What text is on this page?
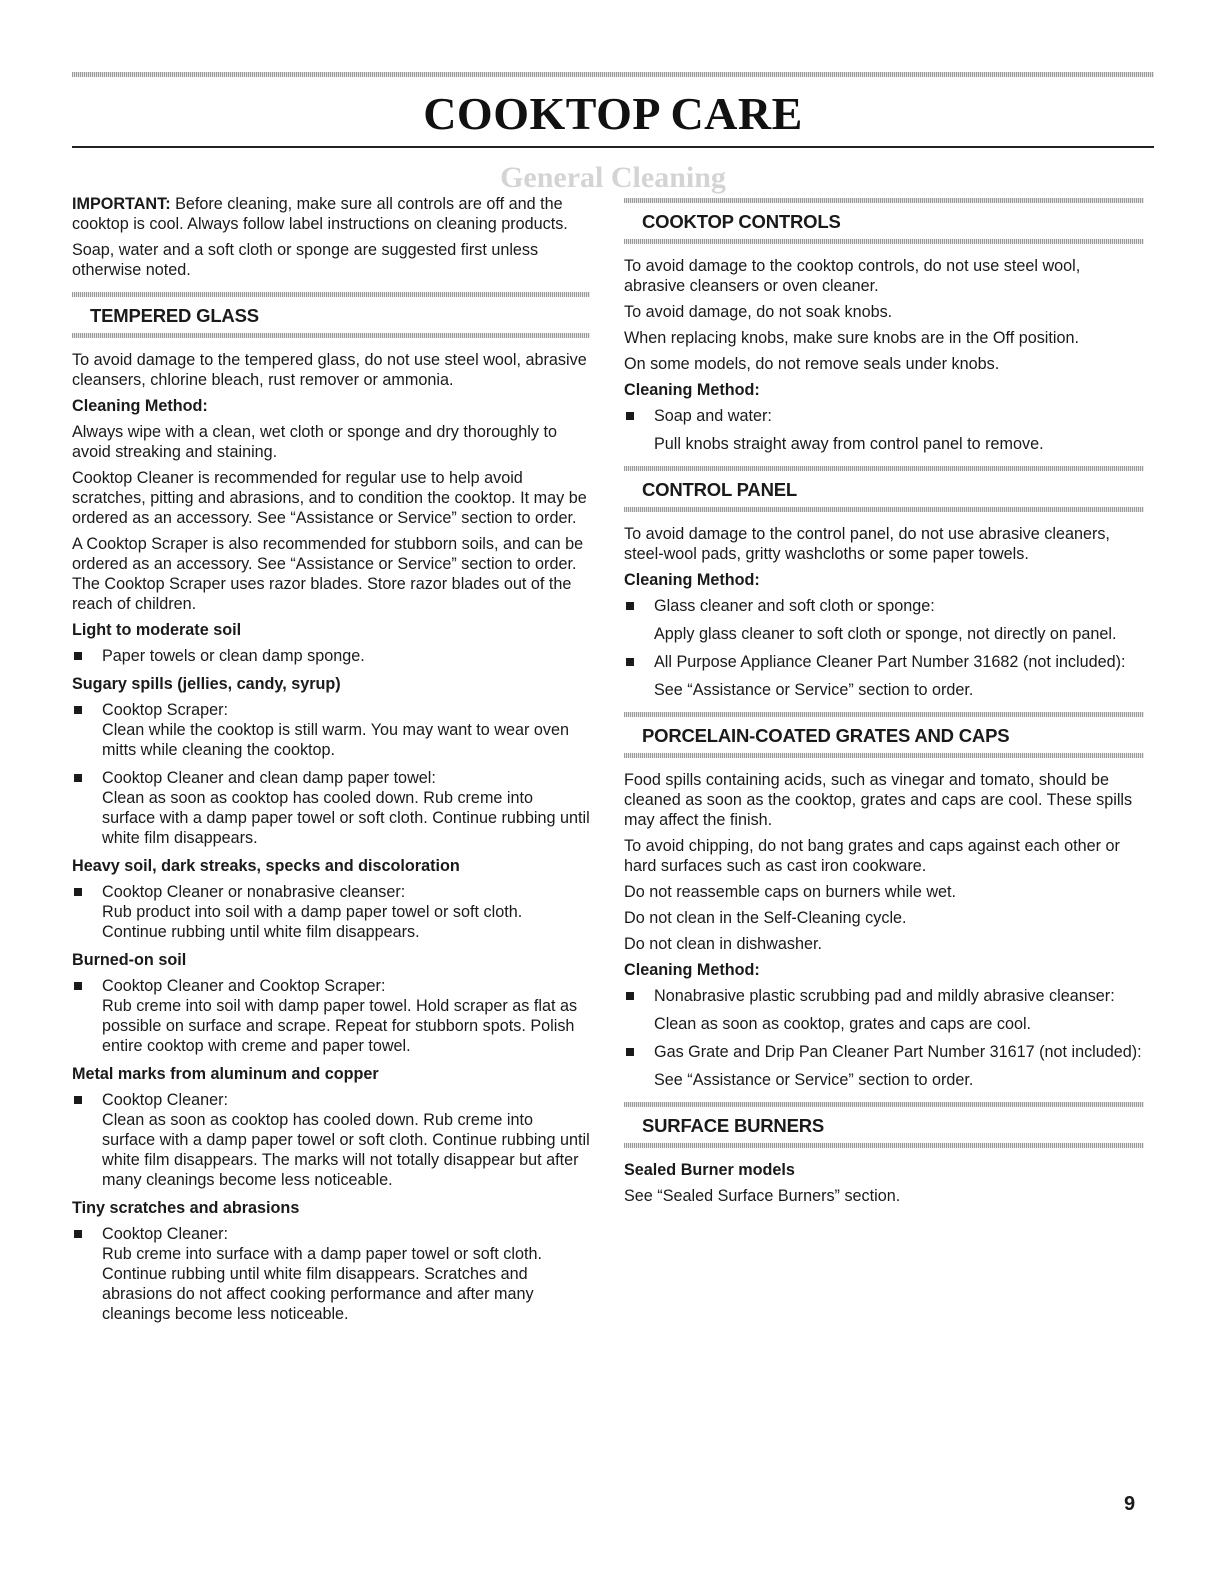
COOKTOP CARE
General Cleaning

IMPORTANT: Before cleaning, make sure all controls are off and the cooktop is cool. Always follow label instructions on cleaning products.

Soap, water and a soft cloth or sponge are suggested first unless otherwise noted.

TEMPERED GLASS

To avoid damage to the tempered glass, do not use steel wool, abrasive cleansers, chlorine bleach, rust remover or ammonia.

Cleaning Method:

Always wipe with a clean, wet cloth or sponge and dry thoroughly to avoid streaking and staining.

Cooktop Cleaner is recommended for regular use to help avoid scratches, pitting and abrasions, and to condition the cooktop. It may be ordered as an accessory. See “Assistance or Service” section to order.

A Cooktop Scraper is also recommended for stubborn soils, and can be ordered as an accessory. See “Assistance or Service” section to order. The Cooktop Scraper uses razor blades. Store razor blades out of the reach of children.

Light to moderate soil
Paper towels or clean damp sponge.
Sugary spills (jellies, candy, syrup)
Cooktop Scraper:
Clean while the cooktop is still warm. You may want to wear oven mitts while cleaning the cooktop.
Cooktop Cleaner and clean damp paper towel:
Clean as soon as cooktop has cooled down. Rub creme into surface with a damp paper towel or soft cloth. Continue rubbing until white film disappears.
Heavy soil, dark streaks, specks and discoloration
Cooktop Cleaner or nonabrasive cleanser:
Rub product into soil with a damp paper towel or soft cloth. Continue rubbing until white film disappears.
Burned-on soil
Cooktop Cleaner and Cooktop Scraper:
Rub creme into soil with damp paper towel. Hold scraper as flat as possible on surface and scrape. Repeat for stubborn spots. Polish entire cooktop with creme and paper towel.
Metal marks from aluminum and copper
Cooktop Cleaner:
Clean as soon as cooktop has cooled down. Rub creme into surface with a damp paper towel or soft cloth. Continue rubbing until white film disappears. The marks will not totally disappear but after many cleanings become less noticeable.
Tiny scratches and abrasions
Cooktop Cleaner:
Rub creme into surface with a damp paper towel or soft cloth. Continue rubbing until white film disappears. Scratches and abrasions do not affect cooking performance and after many cleanings become less noticeable.
COOKTOP CONTROLS

To avoid damage to the cooktop controls, do not use steel wool, abrasive cleansers or oven cleaner.

To avoid damage, do not soak knobs.

When replacing knobs, make sure knobs are in the Off position.

On some models, do not remove seals under knobs.

Cleaning Method:
Soap and water:
Pull knobs straight away from control panel to remove.
CONTROL PANEL

To avoid damage to the control panel, do not use abrasive cleaners, steel-wool pads, gritty washcloths or some paper towels.

Cleaning Method:
Glass cleaner and soft cloth or sponge:
Apply glass cleaner to soft cloth or sponge, not directly on panel.
All Purpose Appliance Cleaner Part Number 31682 (not included):
See “Assistance or Service” section to order.
PORCELAIN-COATED GRATES AND CAPS

Food spills containing acids, such as vinegar and tomato, should be cleaned as soon as the cooktop, grates and caps are cool. These spills may affect the finish.

To avoid chipping, do not bang grates and caps against each other or hard surfaces such as cast iron cookware.

Do not reassemble caps on burners while wet.

Do not clean in the Self-Cleaning cycle.

Do not clean in dishwasher.

Cleaning Method:
Nonabrasive plastic scrubbing pad and mildly abrasive cleanser:
Clean as soon as cooktop, grates and caps are cool.
Gas Grate and Drip Pan Cleaner Part Number 31617 (not included):
See “Assistance or Service” section to order.
SURFACE BURNERS
Sealed Burner models

See “Sealed Surface Burners” section.

9
